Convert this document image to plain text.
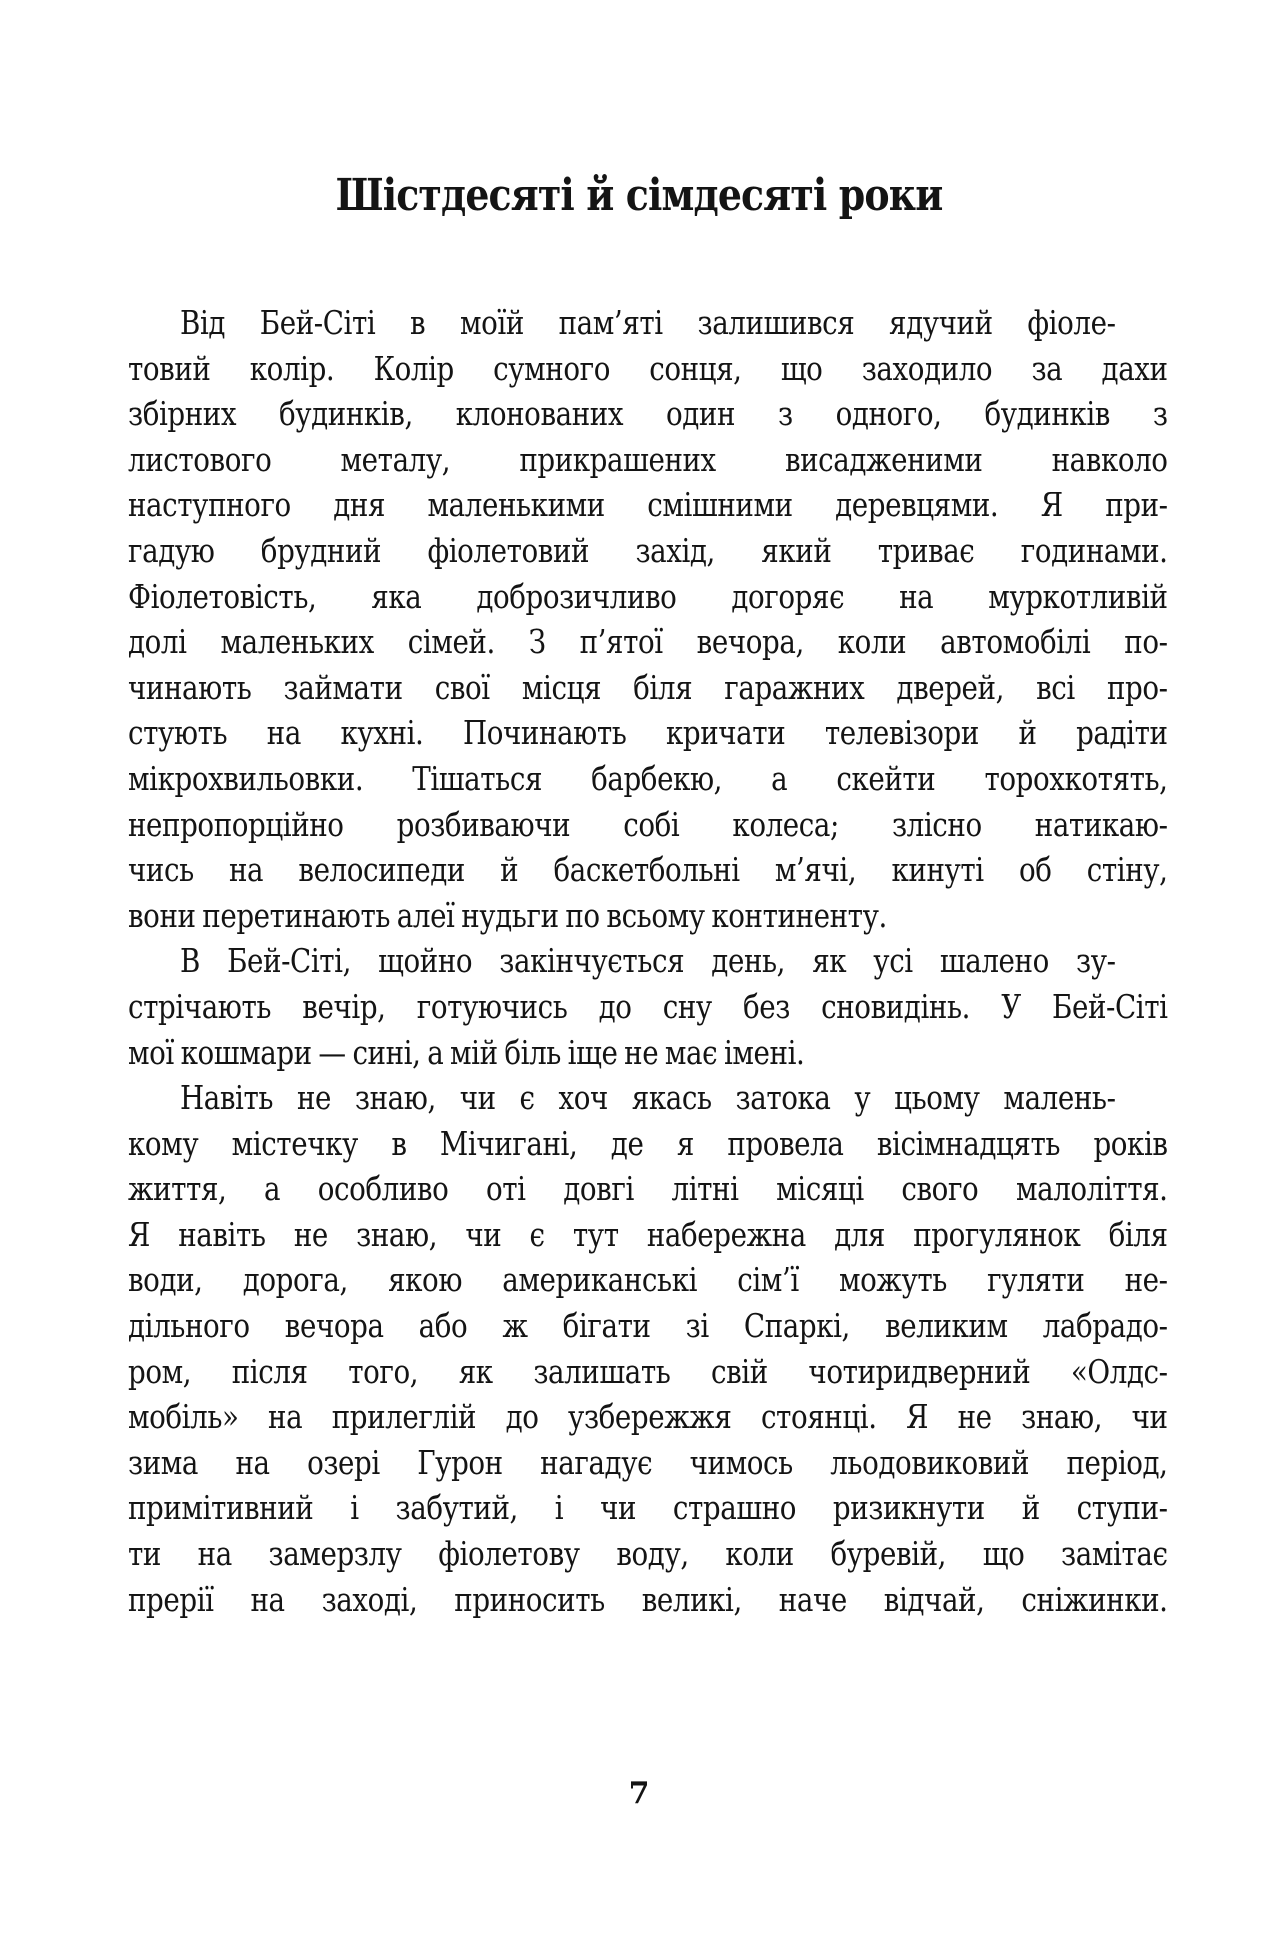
Шістдесяті й сімдесяті роки
Від Бей-Сіті в моїй пам’яті залишився ядучий фіоле-
товий колір. Колір сумного сонця, що заходило за дахи
збірних будинків, клонованих один з одного, будинків з
листового металу, прикрашених висадженими навколо
наступного дня маленькими смішними деревцями. Я при-
гадую брудний фіолетовий захід, який триває годинами.
Фіолетовість, яка доброзичливо догоряє на муркотливій
долі маленьких сімей. З п’ятої вечора, коли автомобілі по-
чинають займати свої місця біля гаражних дверей, всі про-
стують на кухні. Починають кричати телевізори й радіти
мікрохвильовки. Тішаться барбекю, а скейти торохкотять,
непропорційно розбиваючи собі колеса; злісно натикаю-
чись на велосипеди й баскетбольні м’ячі, кинуті об стіну,
вони перетинають алеї нудьги по всьому континенту.
В Бей-Сіті, щойно закінчується день, як усі шалено зу-
стрічають вечір, готуючись до сну без сновидінь. У Бей-Сіті
мої кошмари — сині, а мій біль іще не має імені.
Навіть не знаю, чи є хоч якась затока у цьому малень-
кому містечку в Мічигані, де я провела вісімнадцять років
життя, а особливо оті довгі літні місяці свого малоліття.
Я навіть не знаю, чи є тут набережна для прогулянок біля
води, дорога, якою американські сім’ї можуть гуляти не-
дільного вечора або ж бігати зі Спаркі, великим лабрадо-
ром, після того, як залишать свій чотиридверний «Олдс-
мобіль» на прилеглій до узбережжя стоянці. Я не знаю, чи
зима на озері Гурон нагадує чимось льодовиковий період,
примітивний і забутий, і чи страшно ризикнути й ступи-
ти на замерзлу фіолетову воду, коли буревій, що замітає
прерії на заході, приносить великі, наче відчай, сніжинки.
7
